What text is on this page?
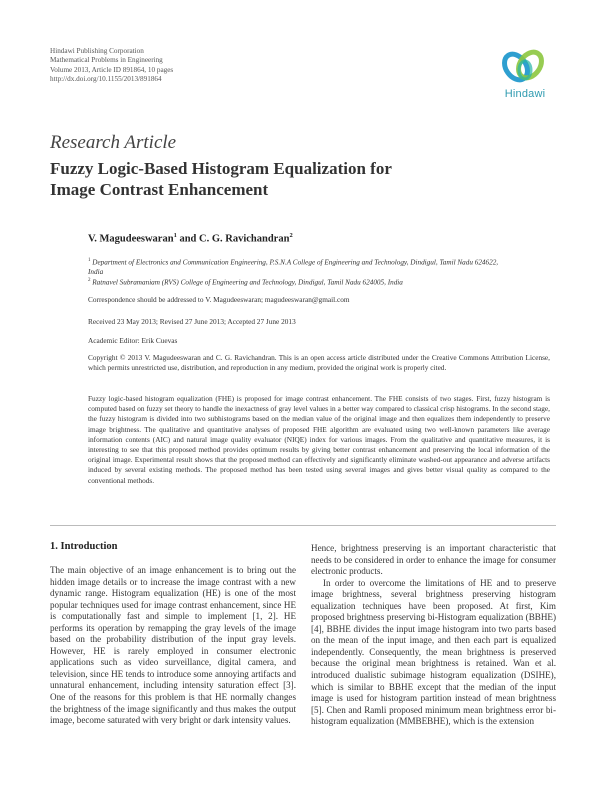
Hindawi Publishing Corporation
Mathematical Problems in Engineering
Volume 2013, Article ID 891864, 10 pages
http://dx.doi.org/10.1155/2013/891864
Hindawi
Research Article
Fuzzy Logic-Based Histogram Equalization for
Image Contrast Enhancement
V. Magudeeswaran$^1$ and C. G. Ravichandran$^2$
$^1$ Department of Electronics and Communication Engineering, P.S.N.A College of Engineering and Technology, Dindigul, Tamil Nadu 624622, India
$^2$ Ratnavel Subramaniam (RVS) College of Engineering and Technology, Dindigul, Tamil Nadu 624005, India
Correspondence should be addressed to V. Magudeeswaran; magudeeswaran@gmail.com
Received 23 May 2013; Revised 27 June 2013; Accepted 27 June 2013
Academic Editor: Erik Cuevas
Copyright © 2013 V. Magudeeswaran and C. G. Ravichandran. This is an open access article distributed under the Creative Commons Attribution License, which permits unrestricted use, distribution, and reproduction in any medium, provided the original work is properly cited.
Fuzzy logic-based histogram equalization (FHE) is proposed for image contrast enhancement. The FHE consists of two stages. First, fuzzy histogram is computed based on fuzzy set theory to handle the inexactness of gray level values in a better way compared to classical crisp histograms. In the second stage, the fuzzy histogram is divided into two subhistograms based on the median value of the original image and then equalizes them independently to preserve image brightness. The qualitative and quantitative analyses of proposed FHE algorithm are evaluated using two well-known parameters like average information contents (AIC) and natural image quality evaluator (NIQE) index for various images. From the qualitative and quantitative measures, it is interesting to see that this proposed method provides optimum results by giving better contrast enhancement and preserving the local information of the original image. Experimental result shows that the proposed method can effectively and significantly eliminate washed-out appearance and adverse artifacts induced by several existing methods. The proposed method has been tested using several images and gives better visual quality as compared to the conventional methods.
1. Introduction

The main objective of an image enhancement is to bring out the hidden image details or to increase the image contrast with a new dynamic range. Histogram equalization (HE) is one of the most popular techniques used for image contrast enhancement, since HE is computationally fast and simple to implement [1, 2]. HE performs its operation by remapping the gray levels of the image based on the probability distribution of the input gray levels. However, HE is rarely employed in consumer electronic applications such as video surveillance, digital camera, and television, since HE tends to introduce some annoying artifacts and unnatural enhancement, including intensity saturation effect [3]. One of the reasons for this problem is that HE normally changes the brightness of the image significantly and thus makes the output image, become saturated with very bright or dark intensity values.

Hence, brightness preserving is an important characteristic that needs to be considered in order to enhance the image for consumer electronic products.

In order to overcome the limitations of HE and to preserve image brightness, several brightness preserving histogram equalization techniques have been proposed. At first, Kim proposed brightness preserving bi-Histogram equalization (BBHE) [4], BBHE divides the input image histogram into two parts based on the mean of the input image, and then each part is equalized independently. Consequently, the mean brightness is preserved because the original mean brightness is retained. Wan et al. introduced dualistic subimage histogram equalization (DSIHE), which is similar to BBHE except that the median of the input image is used for histogram partition instead of mean brightness [5]. Chen and Ramli proposed minimum mean brightness error bi-histogram equalization (MMBEBHE), which is the extension
